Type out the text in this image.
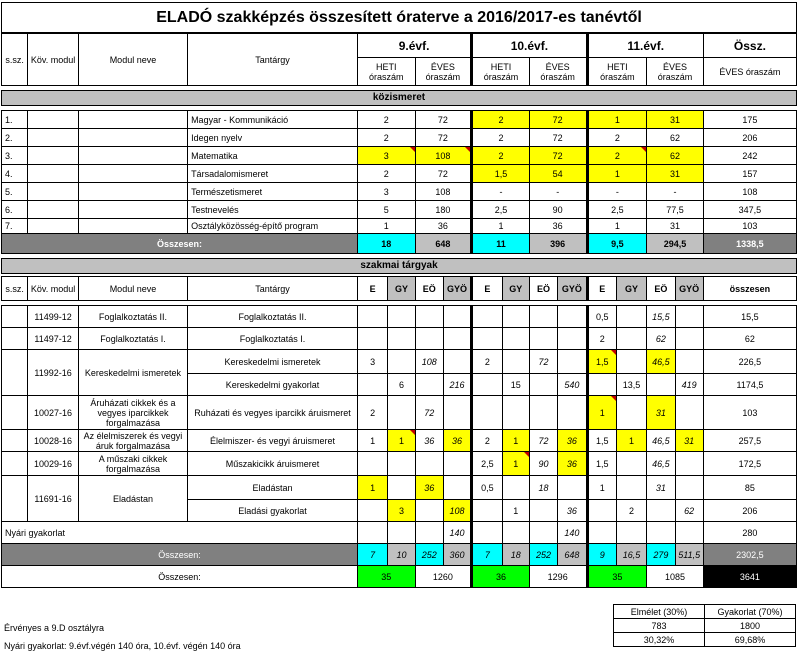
ELADÓ szakképzés összesített óraterve a 2016/2017-es tanévtől
s.sz.	Köv. modul	Modul neve	Tantárgy	9.évf.				10.évf.				11.évf.				Össz.
				HETI óraszám		ÉVES óraszám		HETI óraszám		ÉVES óraszám		HETI óraszám		ÉVES óraszám		ÉVES óraszám

közismeret																

1.			Magyar - Kommunikáció	2		72		2		72		1		31		175
2.			Idegen nyelv	2		72		2		72		2		62		206
3.			Matematika	3		108		2		72		2		62		242
4.			Társadalomismeret	2		72		1,5		54		1		31		157
5.			Természetismeret	3		108		-		-		-		-		108
6.			Testnevelés	5		180		2,5		90		2,5		77,5		347,5
7.			Osztályközösség-építő program	1		36		1		36		1		31		103
Összesen:				18		648		11		396		9,5		294,5		1338,5

szakmai tárgyak																

s.sz.	Köv. modul	Modul neve	Tantárgy	E	GY	EÖ	GYÖ	E	GY	EÖ	GYÖ	E	GY	EÖ	GYÖ	összesen

	11499-12	Foglalkoztatás II.	Foglalkoztatás II.									0,5		15,5		15,5
	11497-12	Foglalkoztatás I.	Foglalkoztatás I.									2		62		62
	11992-16	Kereskedelmi ismeretek	Kereskedelmi ismeretek	3		108		2		72		1,5		46,5		226,5
			Kereskedelmi gyakorlat		6		216		15		540		13,5		419	1174,5
	10027-16	Áruházati cikkek és a vegyes iparcikkek forgalmazása	Ruházati és vegyes iparcikk áruismeret	2		72						1		31		103
	10028-16	Az élelmiszerek és vegyi áruk forgalmazása	Élelmiszer- és vegyi áruismeret	1	1	36	36	2	1	72	36	1,5	1	46,5	31	257,5
	10029-16	A műszaki cikkek forgalmazása	Műszakicikk áruismeret					2,5	1	90	36	1,5		46,5		172,5
	11691-16	Eladástan	Eladástan	1		36		0,5		18		1		31		85
			Eladási gyakorlat		3		108		1		36		2		62	206
Nyári gyakorlat							140				140					280
Összesen:				7	10	252	360	7	18	252	648	9	16,5	279	511,5	2302,5
Összesen:				35		1260		36		1296		35		1085		3641
Érvényes a 9.D osztályra
Nyári gyakorlat: 9.évf.végén 140 óra, 10.évf. végén 140 óra
Elmélet (30%)	Gyakorlat (70%)
783	1800
30,32%	69,68%
